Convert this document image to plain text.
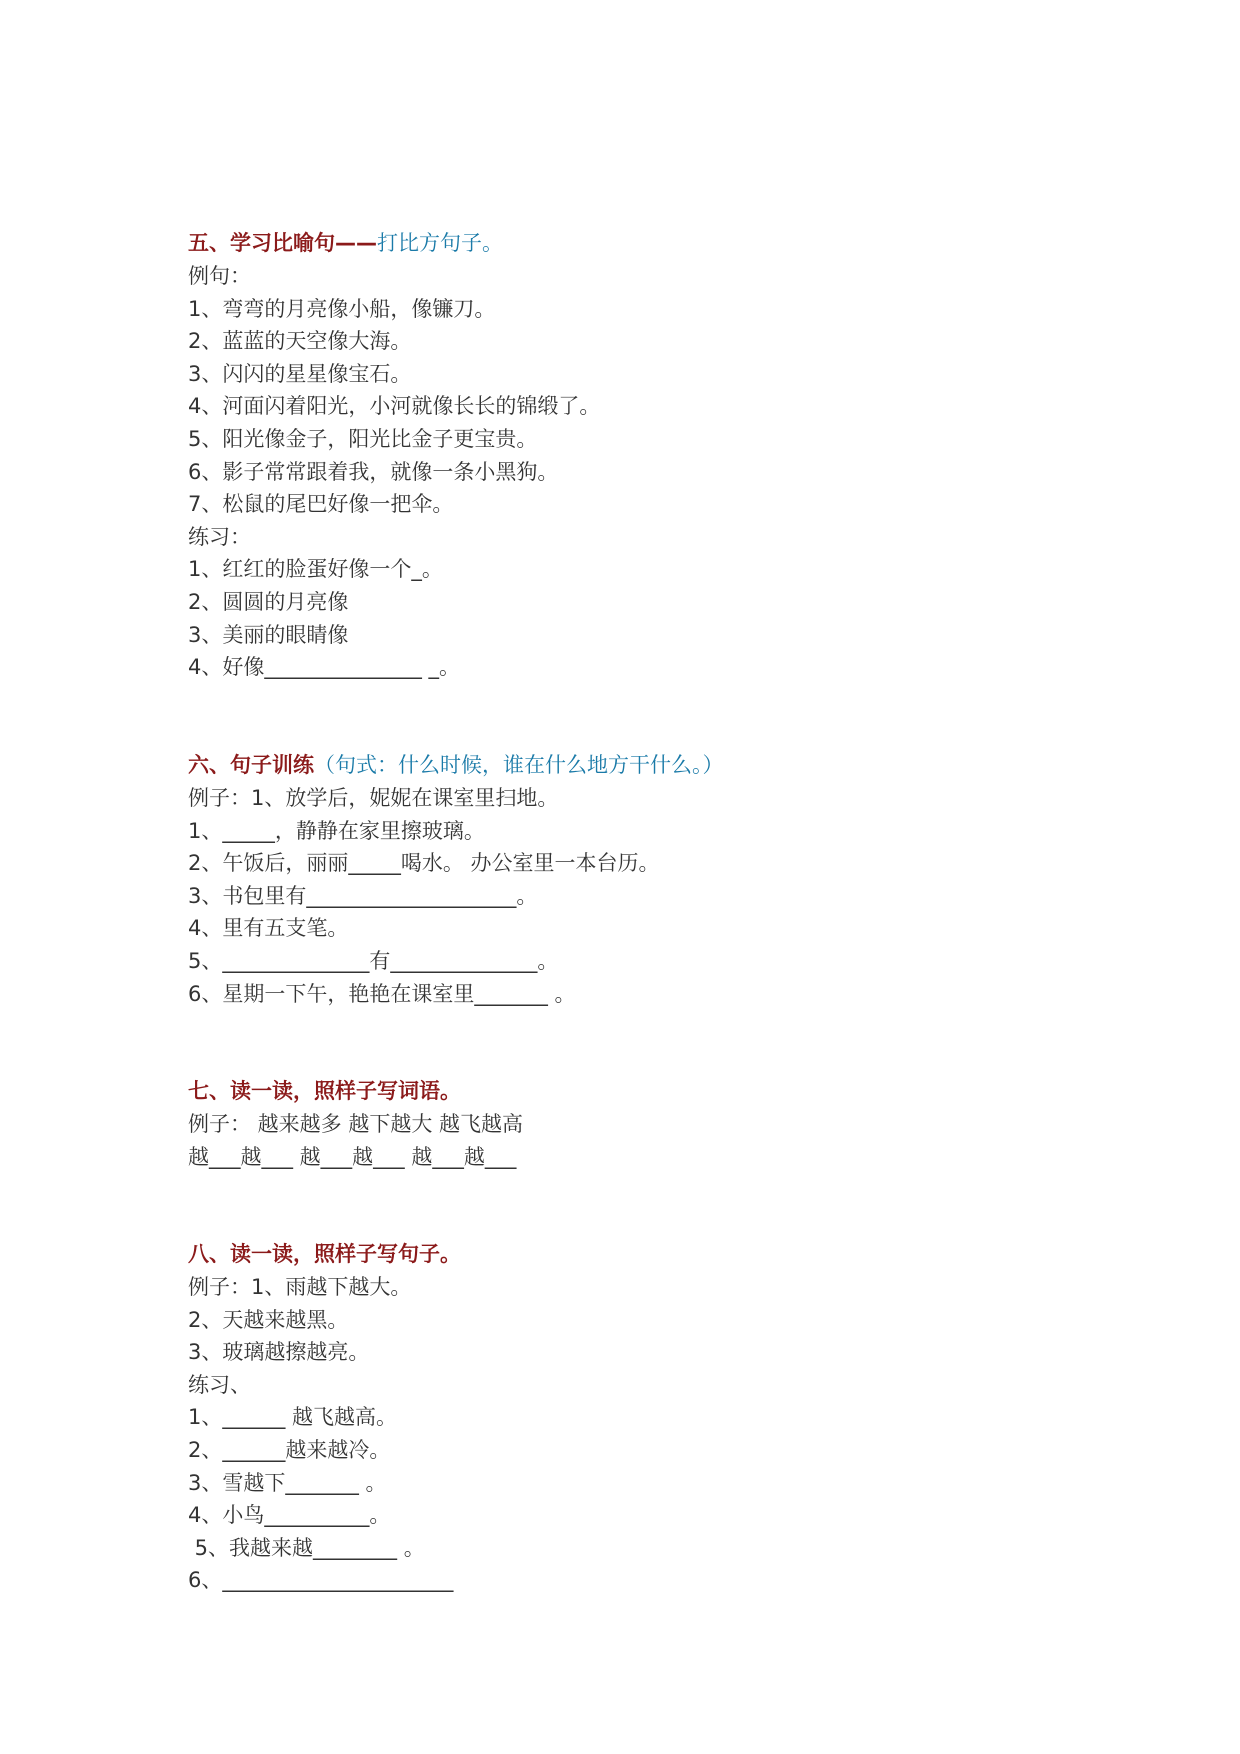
五、学习比喻句——打比方句子。
例句：
1、弯弯的月亮像小船，像镰刀。
2、蓝蓝的天空像大海。
3、闪闪的星星像宝石。
4、河面闪着阳光，小河就像长长的锦缎了。
5、阳光像金子，阳光比金子更宝贵。
6、影子常常跟着我，就像一条小黑狗。
7、松鼠的尾巴好像一把伞。
练习：
1、红红的脸蛋好像一个_。
2、圆圆的月亮像
3、美丽的眼睛像
4、好像_______________ _。
六、句子训练（句式：什么时候，谁在什么地方干什么。）
例子：1、放学后，妮妮在课室里扫地。
1、_____，静静在家里擦玻璃。
2、午饭后，丽丽_____喝水。 办公室里一本台历。
3、书包里有____________________。
4、里有五支笔。
5、______________有______________。
6、星期一下午，艳艳在课室里_______ 。
七、读一读，照样子写词语。
例子： 越来越多 越下越大 越飞越高
越___越___ 越___越___ 越___越___
八、读一读，照样子写句子。
例子：1、雨越下越大。
2、天越来越黑。
3、玻璃越擦越亮。
练习、
1、______ 越飞越高。
2、______越来越冷。
3、雪越下_______ 。
4、小鸟__________。
5、我越来越________ 。
6、______________________
